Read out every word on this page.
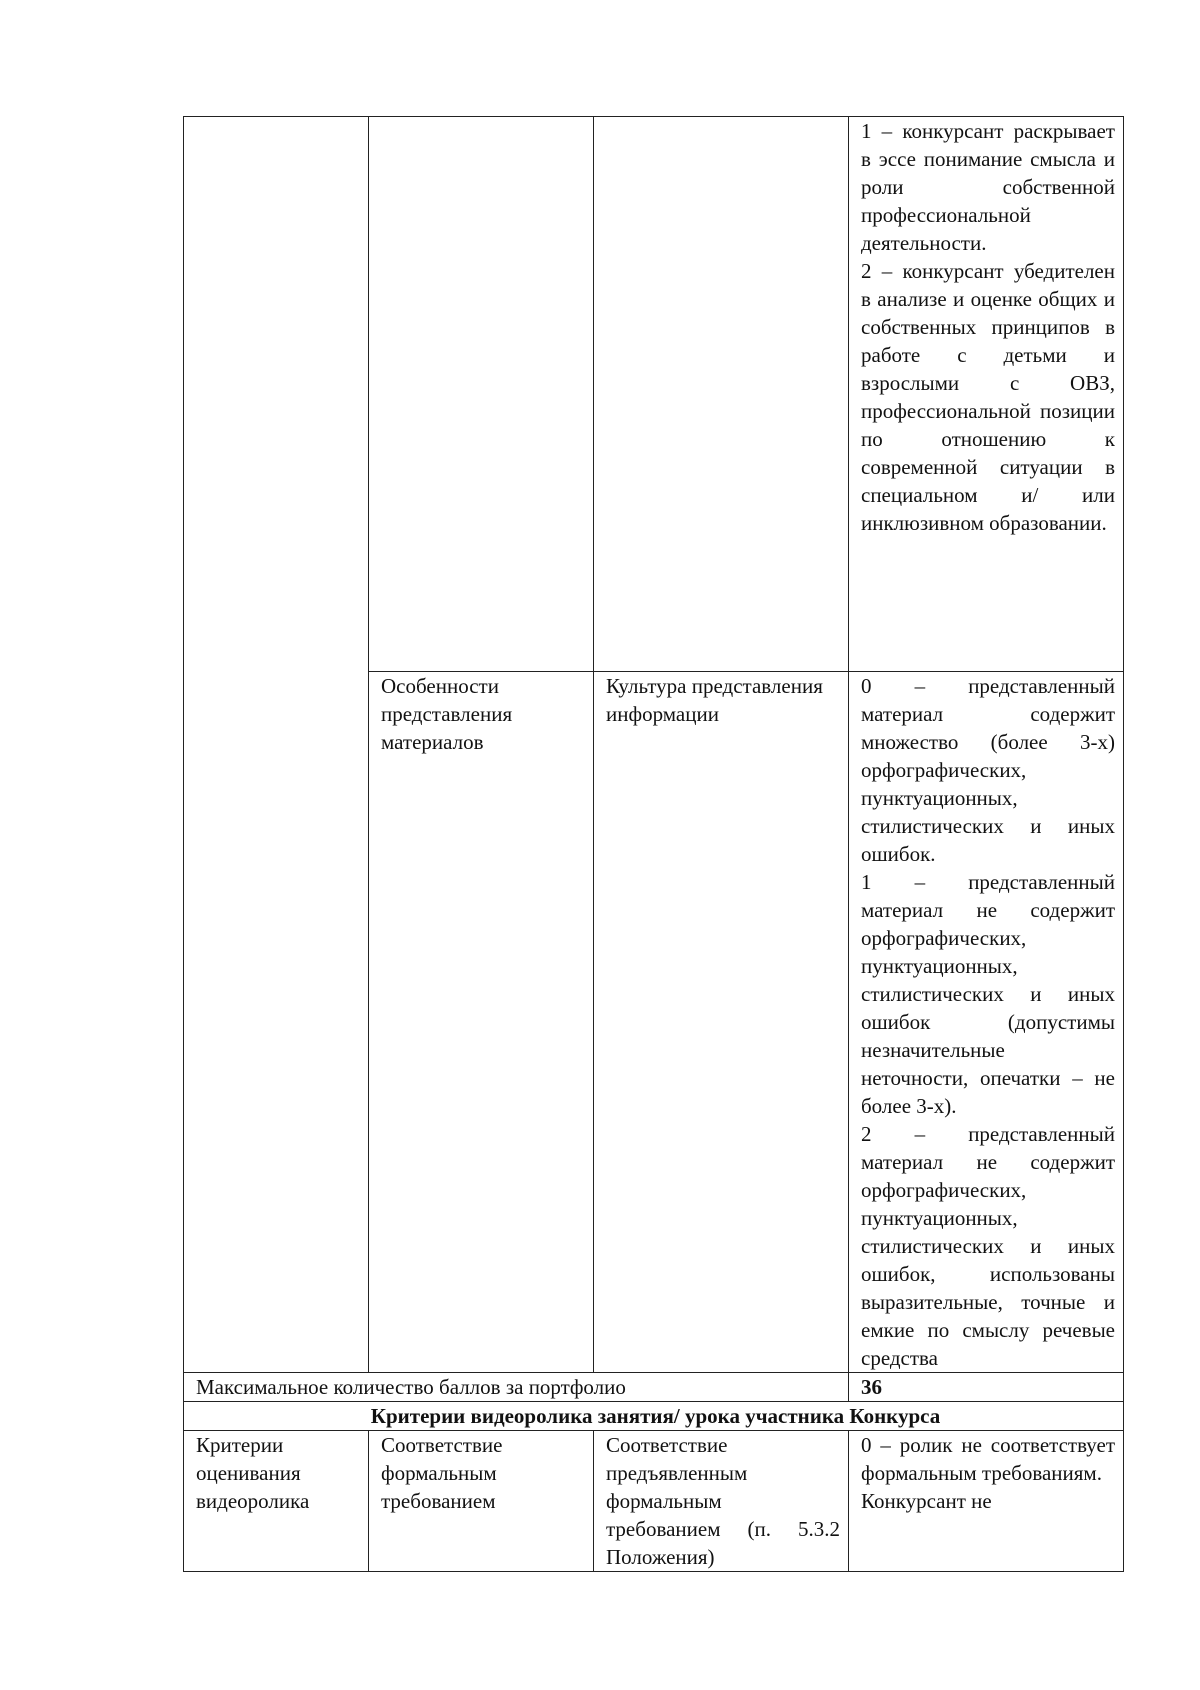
			1 – конкурсант раскрывает в эссе понимание смысла и роли собственной профессиональной деятельности.

2 – конкурсант убедителен в анализе и оценке общих и собственных принципов в работе с детьми и взрослыми с ОВЗ, профессиональной позиции по отношению к современной ситуации в специальном и/ или инклюзивном образовании.

	Особенности представления материалов	Культура представления информации	0 – представленный материал содержит множество (более 3-х) орфографических, пунктуационных, стилистических и иных ошибок.

1 – представленный материал не содержит орфографических, пунктуационных, стилистических и иных ошибок (допустимы незначительные неточности, опечатки – не более 3-х).

2 – представленный материал не содержит орфографических, пунктуационных, стилистических и иных ошибок, использованы выразительные, точные и емкие по смыслу речевые средства

Максимальное количество баллов за портфолио			36
Критерии видеоролика занятия/ урока участника Конкурса			

Критерии оценивания видеоролика	Соответствие формальным требованием	Соответствие предъявленным формальным требованием (п. 5.3.2 Положения)	0 – ролик не соответствует формальным требованиям.

Конкурсант не
